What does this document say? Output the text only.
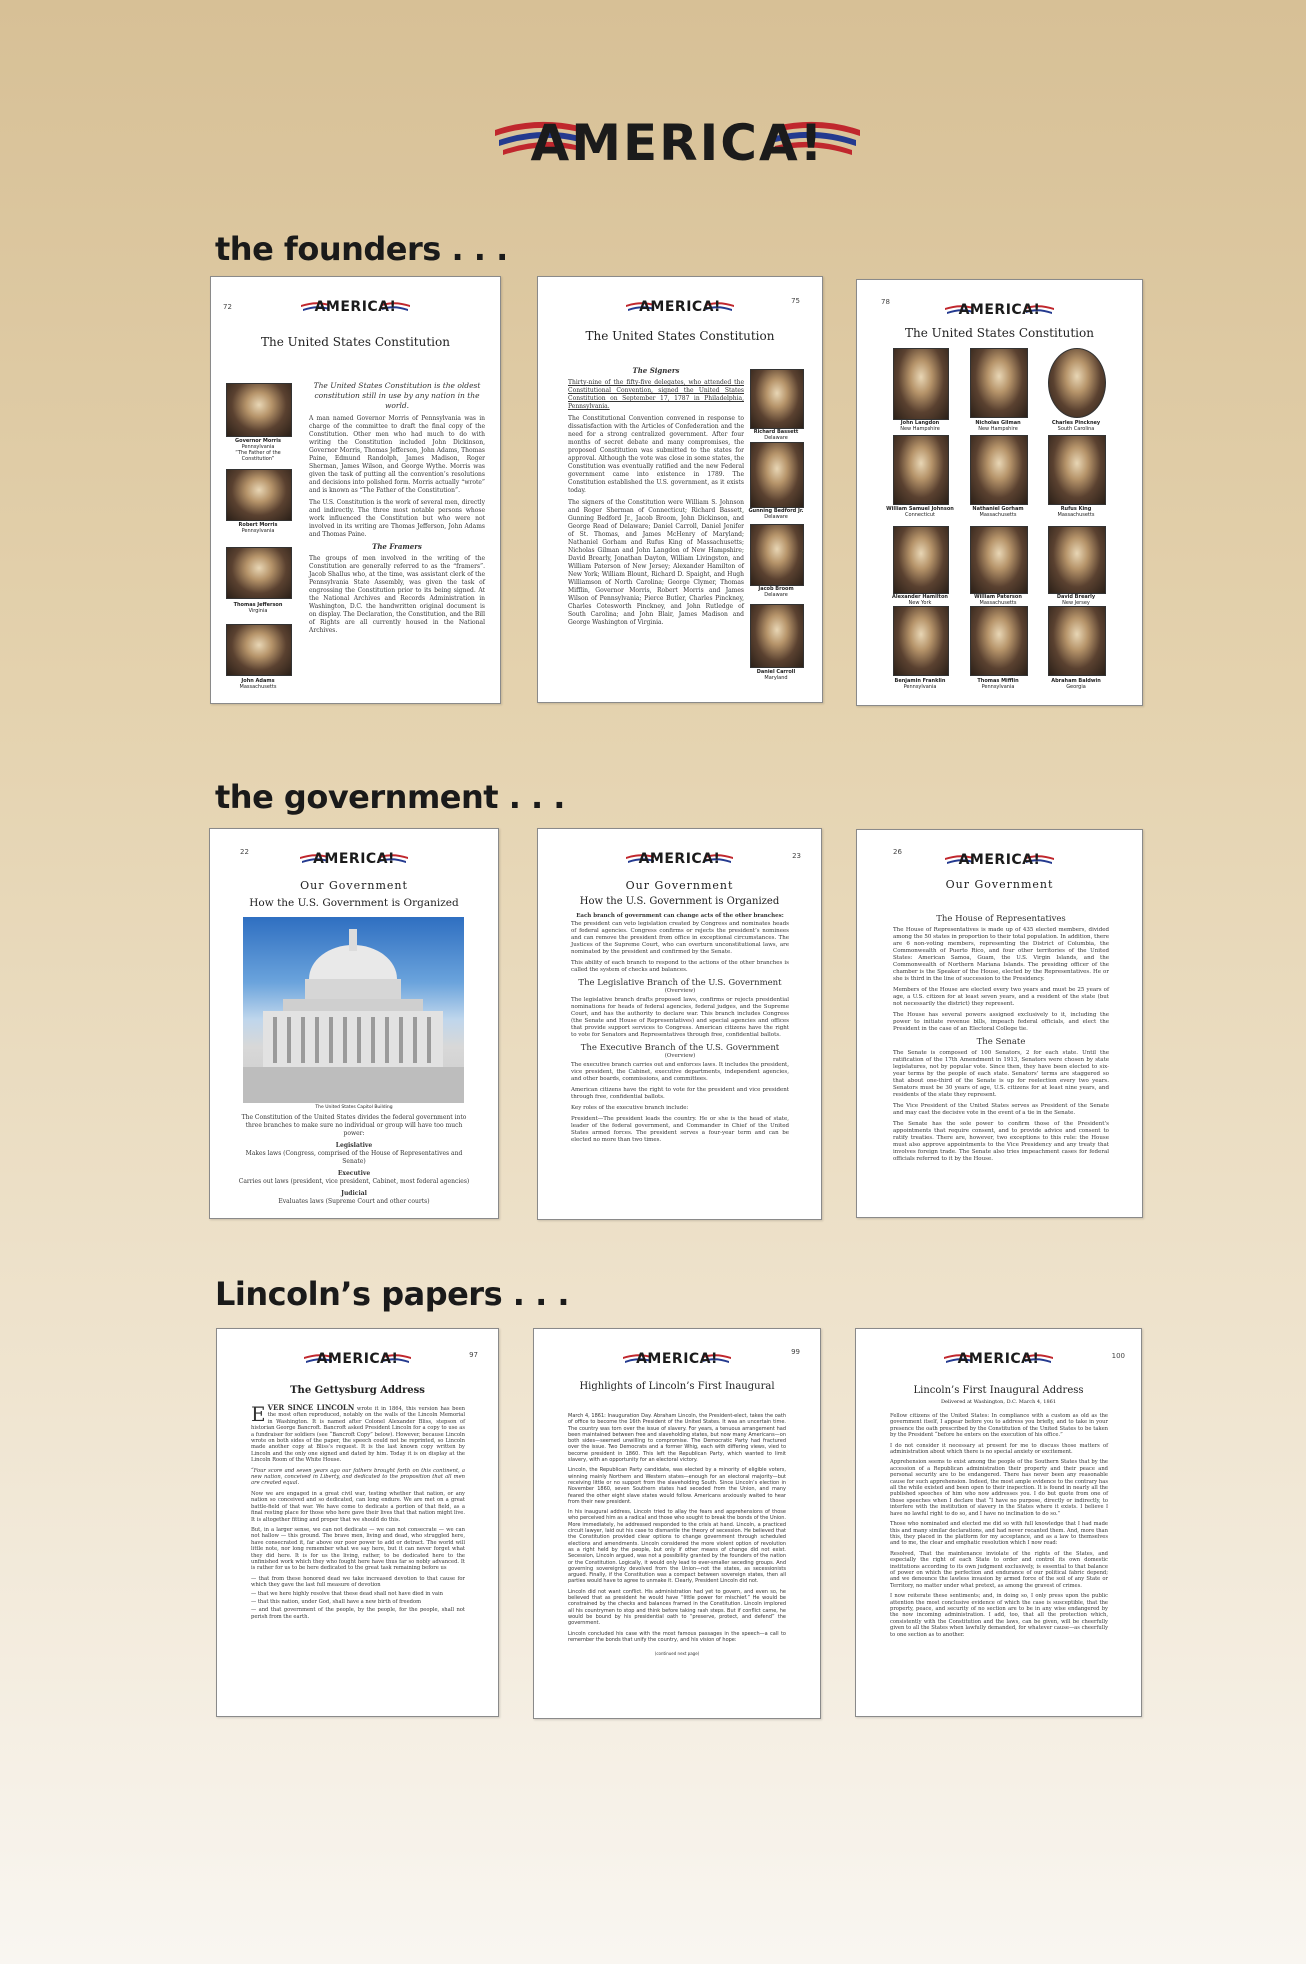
AMERICA!
the founders . . .
the government . . .
Lincoln’s papers . . .
72	AMERICA!
The United States Constitution
Governor Morris
Pennsylvania
“The Father of the Constitution”
Robert Morris
Pennsylvania
Thomas Jefferson
Virginia
John Adams
Massachusetts

The United States Constitution is the oldest constitution still in use by any nation in the world.

A man named Governor Morris of Pennsylvania was in charge of the committee to draft the final copy of the Constitution. Other men who had much to do with writing the Constitution included John Dickinson, Governor Morris, Thomas Jefferson, John Adams, Thomas Paine, Edmund Randolph, James Madison, Roger Sherman, James Wilson, and George Wythe. Morris was given the task of putting all the convention’s resolutions and decisions into polished form. Morris actually “wrote” and is known as “The Father of the Constitution”.

The U.S. Constitution is the work of several men, directly and indirectly. The three most notable persons whose work influenced the Constitution but who were not involved in its writing are Thomas Jefferson, John Adams and Thomas Paine.

The Framers

The groups of men involved in the writing of the Constitution are generally referred to as the “framers”. Jacob Shallus who, at the time, was assistant clerk of the Pennsylvania State Assembly, was given the task of engrossing the Constitution prior to its being signed. At the National Archives and Records Administration in Washington, D.C. the handwritten original document is on display. The Declaration, the Constitution, and the Bill of Rights are all currently housed in the National Archives.

75
AMERICA!
The United States Constitution

The Signers

Thirty-nine of the fifty-five delegates, who attended the Constitutional Convention, signed the United States Constitution on September 17, 1787 in Philadelphia, Pennsylvania.

The Constitutional Convention convened in response to dissatisfaction with the Articles of Confederation and the need for a strong centralized government. After four months of secret debate and many compromises, the proposed Constitution was submitted to the states for approval. Although the vote was close in some states, the Constitution was eventually ratified and the new Federal government came into existence in 1789. The Constitution established the U.S. government, as it exists today.

The signers of the Constitution were William S. Johnson and Roger Sherman of Connecticut; Richard Bassett, Gunning Bedford Jr., Jacob Broom, John Dickinson, and George Read of Delaware; Daniel Carroll, Daniel Jenifer of St. Thomas, and James McHenry of Maryland; Nathaniel Gorham and Rufus King of Massachusetts; Nicholas Gilman and John Langdon of New Hampshire; David Brearly, Jonathan Dayton, William Livingston, and William Paterson of New Jersey; Alexander Hamilton of New York; William Blount, Richard D. Spaight, and Hugh Williamson of North Carolina; George Clymer, Thomas Mifflin, Governor Morris, Robert Morris and James Wilson of Pennsylvania; Pierce Butler, Charles Pinckney, Charles Cotesworth Pinckney, and John Rutledge of South Carolina; and John Blair, James Madison and George Washington of Virginia.

Richard Bassett
Delaware
Gunning Bedford Jr.
Delaware
Jacob Broom
Delaware
Daniel Carroll
Maryland
78	AMERICA!
The United States Constitution
John Langdon
New Hampshire
Nicholas Gilman
New Hampshire
Charles Pinckney
South Carolina
William Samuel Johnson
Connecticut
Nathaniel Gorham
Massachusetts
Rufus King
Massachusetts
Alexander Hamilton
New York
William Paterson
Massachusetts
David Brearly
New Jersey
Benjamin Franklin
Pennsylvania
Thomas Mifflin
Pennsylvania
Abraham Baldwin
Georgia
22	AMERICA!
Our Government
How the U.S. Government is Organized
The United States Capitol Building

The Constitution of the United States divides the federal government into three branches to make sure no individual or group will have too much power:

Legislative

Makes laws (Congress, comprised of the House of Representatives and Senate)

Executive

Carries out laws (president, vice president, Cabinet, most federal agencies)

Judicial

Evaluates laws (Supreme Court and other courts)

23
AMERICA!
Our Government
How the U.S. Government is Organized

Each branch of government can change acts of the other branches:

The president can veto legislation created by Congress and nominates heads of federal agencies. Congress confirms or rejects the president’s nominees and can remove the president from office in exceptional circumstances. The Justices of the Supreme Court, who can overturn unconstitutional laws, are nominated by the president and confirmed by the Senate.

This ability of each branch to respond to the actions of the other branches is called the system of checks and balances.

The Legislative Branch of the U.S. Government

(Overview)

The legislative branch drafts proposed laws, confirms or rejects presidential nominations for heads of federal agencies, federal judges, and the Supreme Court, and has the authority to declare war. This branch includes Congress (the Senate and House of Representatives) and special agencies and offices that provide support services to Congress. American citizens have the right to vote for Senators and Representatives through free, confidential ballots.

The Executive Branch of the U.S. Government

(Overview)

The executive branch carries out and enforces laws. It includes the president, vice president, the Cabinet, executive departments, independent agencies, and other boards, commissions, and committees.

American citizens have the right to vote for the president and vice president through free, confidential ballots.

Key roles of the executive branch include:

President—The president leads the country. He or she is the head of state, leader of the federal government, and Commander in Chief of the United States armed forces. The president serves a four-year term and can be elected no more than two times.

26	AMERICA!
Our Government

The House of Representatives

The House of Representatives is made up of 435 elected members, divided among the 50 states in proportion to their total population. In addition, there are 6 non-voting members, representing the District of Columbia, the Commonwealth of Puerto Rico, and four other territories of the United States: American Samoa, Guam, the U.S. Virgin Islands, and the Commonwealth of Northern Mariana Islands. The presiding officer of the chamber is the Speaker of the House, elected by the Representatives. He or she is third in the line of succession to the Presidency.

Members of the House are elected every two years and must be 25 years of age, a U.S. citizen for at least seven years, and a resident of the state (but not necessarily the district) they represent.

The House has several powers assigned exclusively to it, including the power to initiate revenue bills, impeach federal officials, and elect the President in the case of an Electoral College tie.

The Senate

The Senate is composed of 100 Senators, 2 for each state. Until the ratification of the 17th Amendment in 1913, Senators were chosen by state legislatures, not by popular vote. Since then, they have been elected to six-year terms by the people of each state. Senators’ terms are staggered so that about one-third of the Senate is up for reelection every two years. Senators must be 30 years of age, U.S. citizens for at least nine years, and residents of the state they represent.

The Vice President of the United States serves as President of the Senate and may cast the decisive vote in the event of a tie in the Senate.

The Senate has the sole power to confirm those of the President’s appointments that require consent, and to provide advice and consent to ratify treaties. There are, however, two exceptions to this rule: the House must also approve appointments to the Vice Presidency and any treaty that involves foreign trade. The Senate also tries impeachment cases for federal officials referred to it by the House.

97
AMERICA!
The Gettysburg Address

EVER SINCE LINCOLN wrote it in 1864, this version has been the most often reproduced, notably on the walls of the Lincoln Memorial in Washington. It is named after Colonel Alexander Bliss, stepson of historian George Bancroft. Bancroft asked President Lincoln for a copy to use as a fundraiser for soldiers (see “Bancroft Copy” below). However, because Lincoln wrote on both sides of the paper, the speech could not be reprinted, so Lincoln made another copy at Bliss’s request. It is the last known copy written by Lincoln and the only one signed and dated by him. Today it is on display at the Lincoln Room of the White House.

“Four score and seven years ago our fathers brought forth on this continent, a new nation, conceived in Liberty, and dedicated to the proposition that all men are created equal.

Now we are engaged in a great civil war, testing whether that nation, or any nation so conceived and so dedicated, can long endure. We are met on a great battle-field of that war. We have come to dedicate a portion of that field, as a final resting place for those who here gave their lives that that nation might live. It is altogether fitting and proper that we should do this.

But, in a larger sense, we can not dedicate — we can not consecrate — we can not hallow — this ground. The brave men, living and dead, who struggled here, have consecrated it, far above our poor power to add or detract. The world will little note, nor long remember what we say here, but it can never forget what they did here. It is for us the living, rather, to be dedicated here to the unfinished work which they who fought here have thus far so nobly advanced. It is rather for us to be here dedicated to the great task remaining before us

— that from these honored dead we take increased devotion to that cause for which they gave the last full measure of devotion

— that we here highly resolve that these dead shall not have died in vain

— that this nation, under God, shall have a new birth of freedom

— and that government of the people, by the people, for the people, shall not perish from the earth.

99
AMERICA!
Highlights of Lincoln’s First Inaugural

March 4, 1861: Inauguration Day. Abraham Lincoln, the President-elect, takes the oath of office to become the 16th President of the United States. It was an uncertain time. The country was torn over the issue of slavery. For years, a tenuous arrangement had been maintained between free and slaveholding states, but now many Americans—on both sides—seemed unwilling to compromise. The Democratic Party had fractured over the issue. Two Democrats and a former Whig, each with differing views, vied to become president in 1860. This left the Republican Party, which wanted to limit slavery, with an opportunity for an electoral victory.

Lincoln, the Republican Party candidate, was elected by a minority of eligible voters, winning mainly Northern and Western states—enough for an electoral majority—but receiving little or no support from the slaveholding South. Since Lincoln’s election in November 1860, seven Southern states had seceded from the Union, and many feared the other eight slave states would follow. Americans anxiously waited to hear from their new president.

In his inaugural address, Lincoln tried to allay the fears and apprehensions of those who perceived him as a radical and those who sought to break the bonds of the Union. More immediately, he addressed responded to the crisis at hand. Lincoln, a practiced circuit lawyer, laid out his case to dismantle the theory of secession. He believed that the Constitution provided clear options to change government through scheduled elections and amendments. Lincoln considered the more violent option of revolution as a right held by the people, but only if other means of change did not exist. Secession, Lincoln argued, was not a possibility granted by the founders of the nation or the Constitution. Logically, it would only lead to ever-smaller seceding groups. And governing sovereignty devolved from the Union—not the states, as secessionists argued. Finally, if the Constitution was a compact between sovereign states, then all parties would have to agree to unmake it. Clearly, President Lincoln did not.

Lincoln did not want conflict. His administration had yet to govern, and even so, he believed that as president he would have “little power for mischief.” He would be constrained by the checks and balances framed in the Constitution. Lincoln implored all his countrymen to stop and think before taking rash steps. But if conflict came, he would be bound by his presidential oath to “preserve, protect, and defend” the government.

Lincoln concluded his case with the most famous passages in the speech—a call to remember the bonds that unify the country, and his vision of hope:

(continued next page)

100
AMERICA!
Lincoln’s First Inaugural Address
Delivered at Washington, D.C. March 4, 1861

Fellow citizens of the United States: In compliance with a custom as old as the government itself, I appear before you to address you briefly, and to take in your presence the oath prescribed by the Constitution of the United States to be taken by the President “before he enters on the execution of his office.”

I do not consider it necessary at present for me to discuss those matters of administration about which there is no special anxiety or excitement.

Apprehension seems to exist among the people of the Southern States that by the accession of a Republican administration their property and their peace and personal security are to be endangered. There has never been any reasonable cause for such apprehension. Indeed, the most ample evidence to the contrary has all the while existed and been open to their inspection. It is found in nearly all the published speeches of him who now addresses you. I do but quote from one of those speeches when I declare that “I have no purpose, directly or indirectly, to interfere with the institution of slavery in the States where it exists. I believe I have no lawful right to do so, and I have no inclination to do so.”

Those who nominated and elected me did so with full knowledge that I had made this and many similar declarations, and had never recanted them. And, more than this, they placed in the platform for my acceptance, and as a law to themselves and to me, the clear and emphatic resolution which I now read:

Resolved, That the maintenance inviolate of the rights of the States, and especially the right of each State to order and control its own domestic institutions according to its own judgment exclusively, is essential to that balance of power on which the perfection and endurance of our political fabric depend; and we denounce the lawless invasion by armed force of the soil of any State or Territory, no matter under what pretext, as among the gravest of crimes.

I now reiterate these sentiments; and, in doing so, I only press upon the public attention the most conclusive evidence of which the case is susceptible, that the property, peace, and security of no section are to be in any wise endangered by the now incoming administration. I add, too, that all the protection which, consistently with the Constitution and the laws, can be given, will be cheerfully given to all the States when lawfully demanded, for whatever cause—as cheerfully to one section as to another.
